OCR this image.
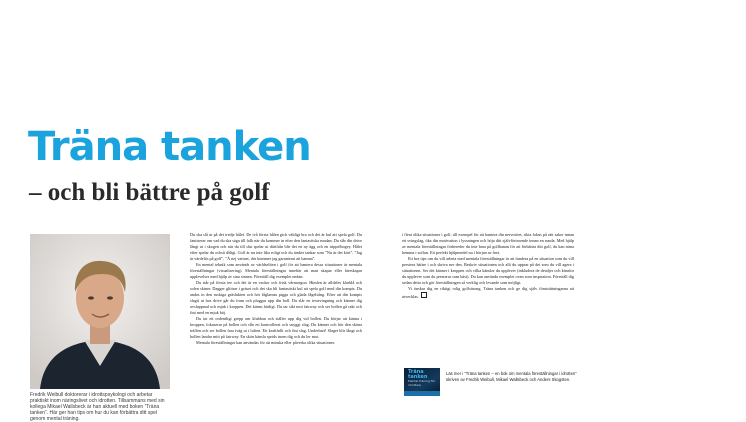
Träna tanken
– och bli bättre på golf

Fredrik Weibull doktorerar i idrottspsykologi och arbetar praktiskt inom näringslivet och idrotten. Tillsammans med sin kollega Mikael Wallsbeck är han aktuell med boken ”Träna tanken”. Här ger han tips om hur du kan förbättra ditt spel genom mental träning.

Du ska slå ut på det tredje hålet. De två första hålen gick väldigt bra och det är kul att spela golf. Du fantiserar om vad du ska säga till folk när du kommer in efter den fantastiska rundan. Du slår din drive långt ut i skogen och när du till slut spelar ut därifrån blir det en ny ägg och en trippelbogey. Hålet efter spelar du också dåligt. Golf är nu inte lika roligt och du tänker tankar som ”Nu är det kört”, ”Jag är värdelös på golf”, ”Å nej vattnet, där kommer jag garanterat att hamna”.

En mental teknik som används av världseliten i golf för att hantera dessa situationer är mentala föreställningar (visualisering). Mentala föreställningar innebär att man skapar eller återskapar upplevelser med hjälp av sina sinnen. Föreställ dig exemplet nedan:

Du står på första tee och det är en vacker och frisk vårmorgon. Himlen är alldeles klarblå och solen skiner. Dagger glittrar i gräset och det ska bli fantastiskt kul att spela golf med din kompis. Du andas in den ruskiga gräslukten och hör fåglarnas pigga och glada fågelsång. Efter att din kompis slagit ut hos drive går du fram och pluggar upp din boll. Du slår en testsvingning och känner dig avslappnad och mjuk i kroppen. Det känns härligt. Du tar sikt mot fairway och ser bollen gå rakt och fint med en mjuk böj.

Du tar ett ordentligt grepp om klubban och ställer upp dig vid bollen. Du börjar att känna i kroppen, fokuserar på bollen och slår ett kontrollerat och snyggt slag. Du känner och hör den sköna träffen och ser bollen fara iväg ut i luften. Ett kraftfullt och fint slag. Underbart! Slaget blir långt och bollen landar mitt på fairway. En skön känsla sprids inom dig och du ler mot.

Mentala föreställningar kan användas för att minska eller påverka olika situationer.

i flera olika situationer i golf, till exempel för att hantera din nervositet, rikta fokus på rätt saker innan ett svingslag, öka din motivation i lyssningen och höja ditt självförtroende innan en runda. Med hjälp av mentala föreställningar förbereder du inte bara på golfbanan för att förbättra ditt golf, du kan träna hemma i soffan. Ett perfekt hjälpmedel nu i början av året.

Ett bra tips om du vill arbeta med mentala föreställningar är att fundera på en situation som du vill prestera bättre i och skriva ner den. Beskriv situationen och allt du upprar på det som du vill agera i situationen. Ser det känner i kroppen och vilka känslor du upplever (inkludera de detaljer och känslor du upplever som du presterar som bäst). Du kan använda exemplet ovan som inspiration. Föreställ dig sedan detta och gör föreställningen så verklig och levande som möjligt.

Vi önskar dig en riktigt rolig golfsäsong. Träna tanken och ge dig själv förutsättningarna att utvecklas.

Träna
tanken

Mental träning för idrottare

Läs mer i ”Träna tanken – en bok om mentala föreställningar i idrotten” skriven av Fredrik Weibull, Mikael Wallsbeck och Anders Skogsten.
